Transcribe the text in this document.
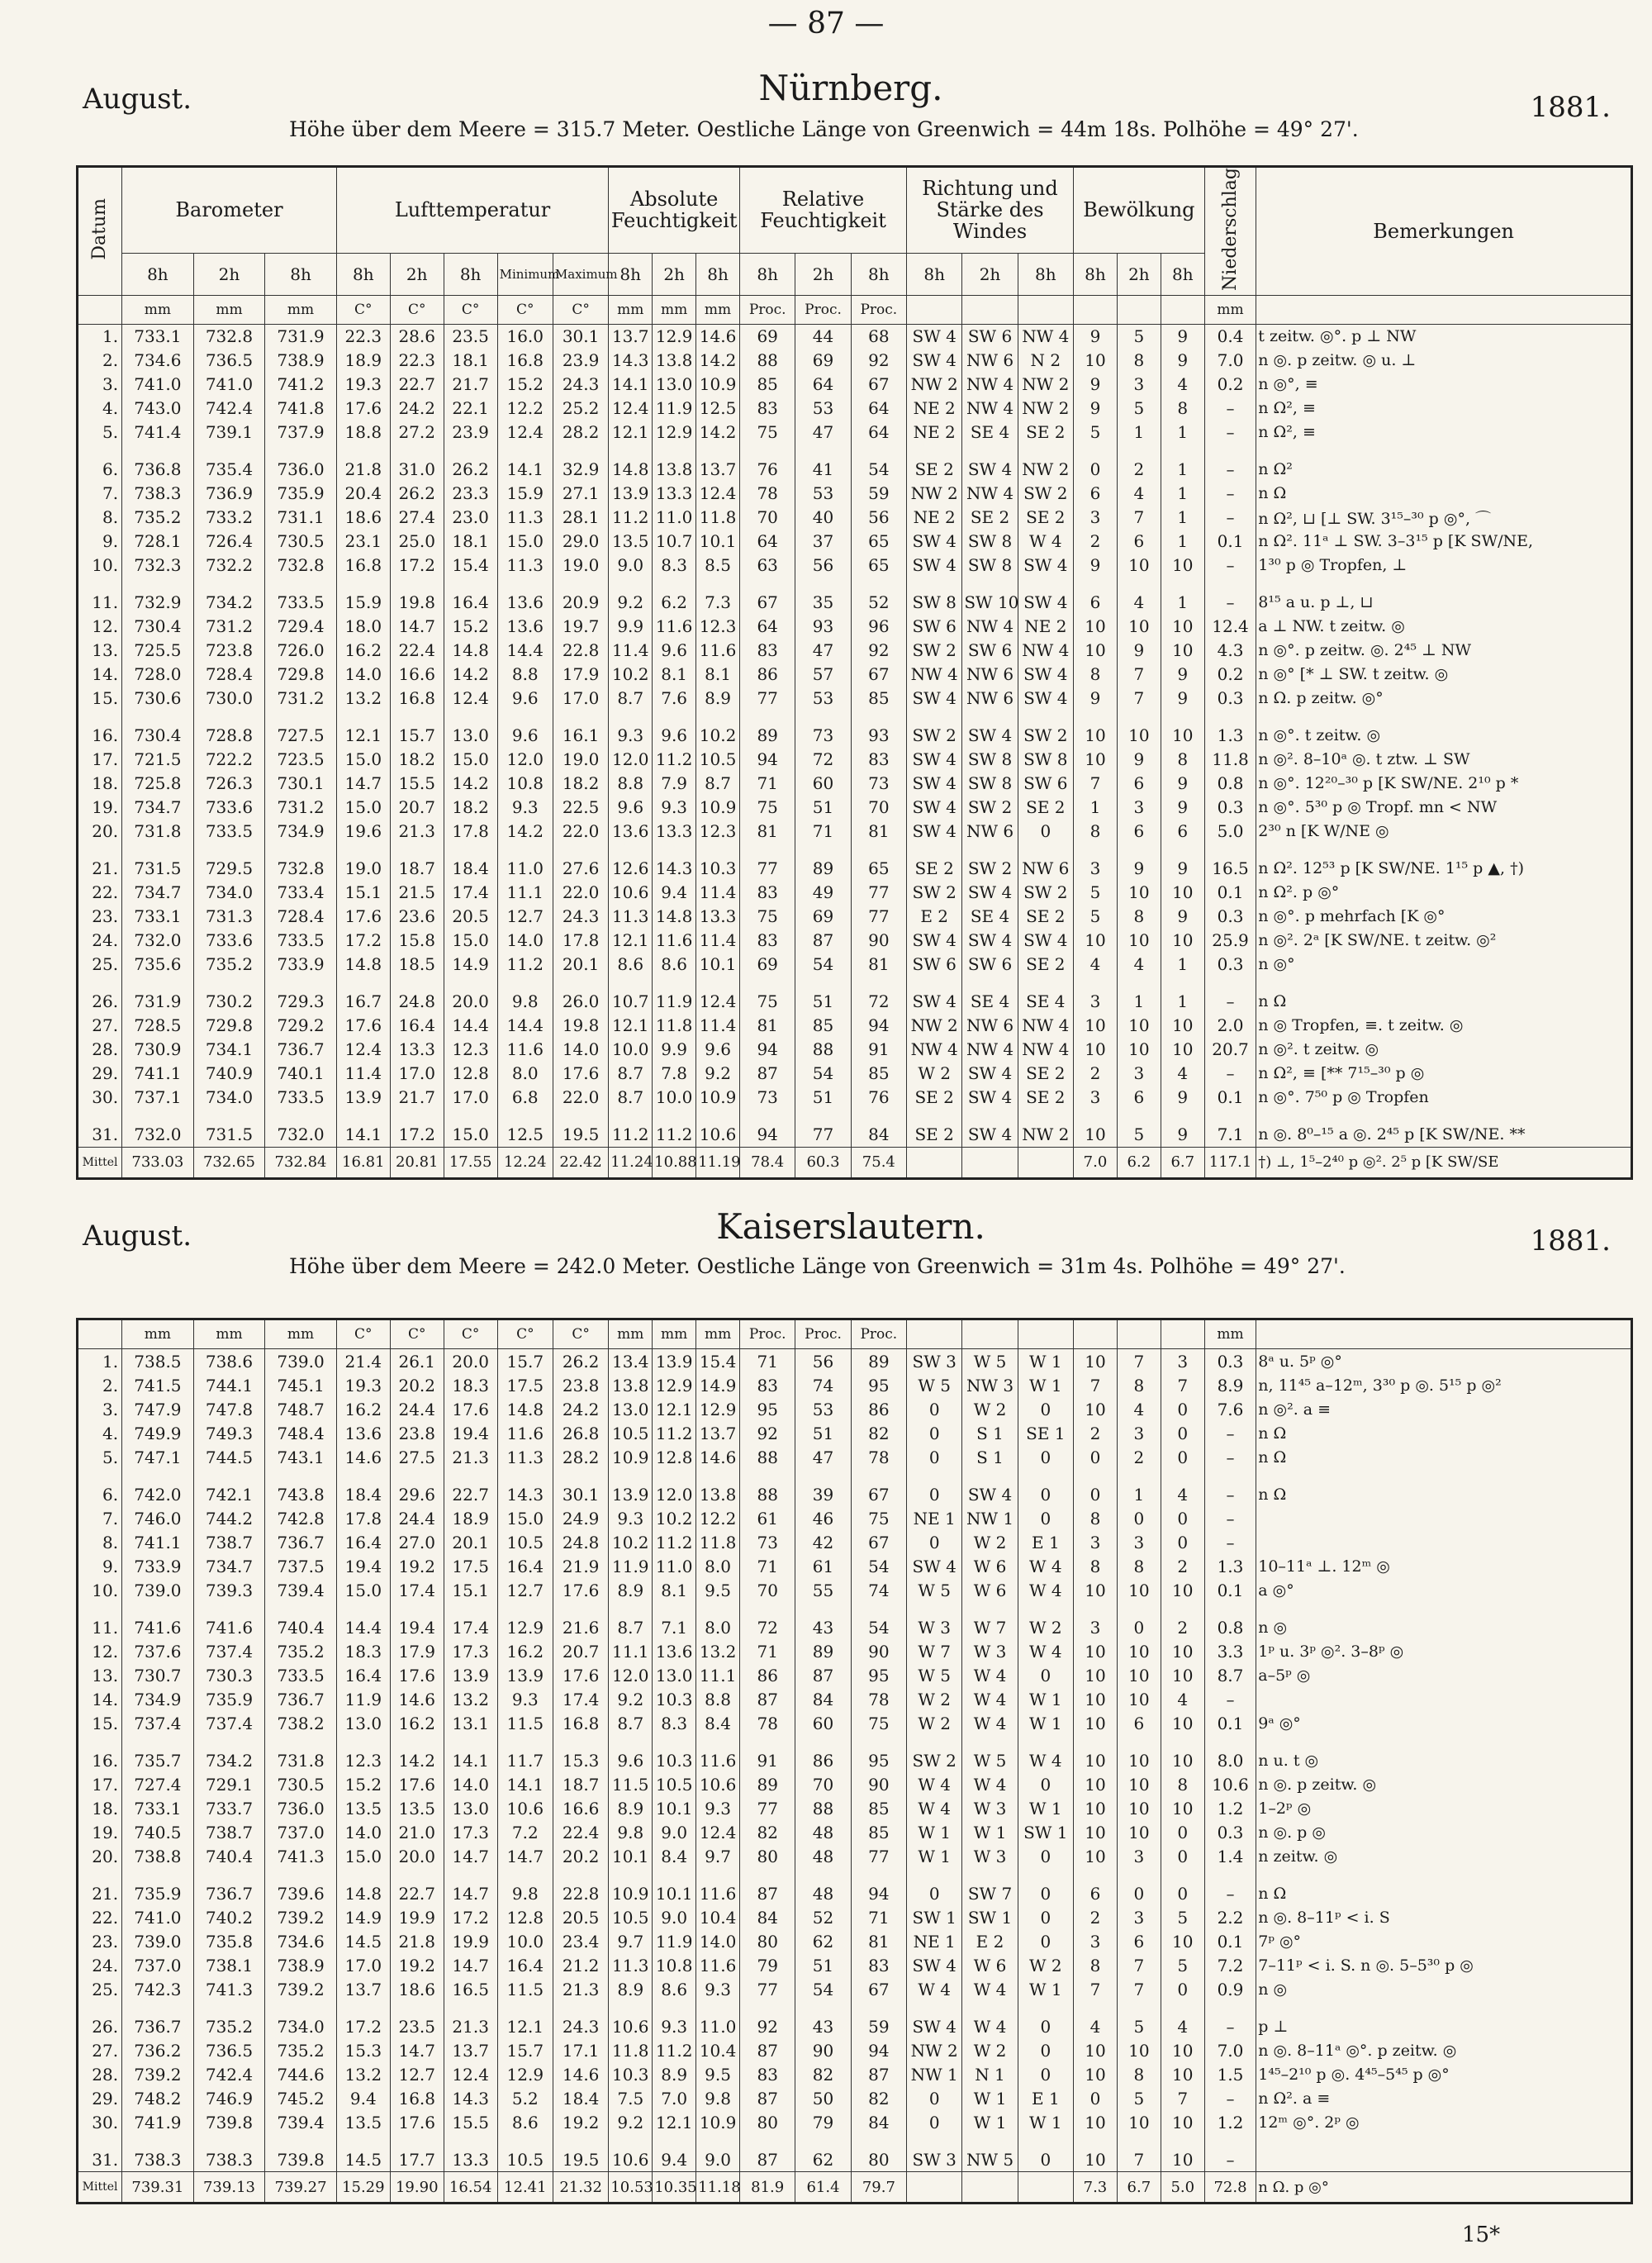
— 87 —
August.	Nürnberg.	1881.
Höhe über dem Meere = 315.7 Meter. Oestliche Länge von Greenwich = 44m 18s. Polhöhe = 49° 27'.
Datum	Barometer			Lufttemperatur					Absolute Feuchtigkeit			Relative Feuchtigkeit			Richtung und Stärke des Windes			Bewölkung			Niederschlag	Bemerkungen
	8h	2h	8h	8h	2h	8h	Minimum	Maximum	8h	2h	8h	8h	2h	8h	8h	2h	8h	8h	2h	8h		
	mm	mm	mm	C°	C°	C°	C°	C°	mm	mm	mm	Proc.	Proc.	Proc.							mm	
1.	733.1	732.8	731.9	22.3	28.6	23.5	16.0	30.1	13.7	12.9	14.6	69	44	68	SW 4	SW 6	NW 4	9	5	9	0.4	t zeitw. ◎°. p ⊥ NW
2.	734.6	736.5	738.9	18.9	22.3	18.1	16.8	23.9	14.3	13.8	14.2	88	69	92	SW 4	NW 6	N 2	10	8	9	7.0	n ◎. p zeitw. ◎ u. ⊥
3.	741.0	741.0	741.2	19.3	22.7	21.7	15.2	24.3	14.1	13.0	10.9	85	64	67	NW 2	NW 4	NW 2	9	3	4	0.2	n ◎°, ≡
4.	743.0	742.4	741.8	17.6	24.2	22.1	12.2	25.2	12.4	11.9	12.5	83	53	64	NE 2	NW 4	NW 2	9	5	8	–	n Ω², ≡
5.	741.4	739.1	737.9	18.8	27.2	23.9	12.4	28.2	12.1	12.9	14.2	75	47	64	NE 2	SE 4	SE 2	5	1	1	–	n Ω², ≡
6.	736.8	735.4	736.0	21.8	31.0	26.2	14.1	32.9	14.8	13.8	13.7	76	41	54	SE 2	SW 4	NW 2	0	2	1	–	n Ω²
7.	738.3	736.9	735.9	20.4	26.2	23.3	15.9	27.1	13.9	13.3	12.4	78	53	59	NW 2	NW 4	SW 2	6	4	1	–	n Ω
8.	735.2	733.2	731.1	18.6	27.4	23.0	11.3	28.1	11.2	11.0	11.8	70	40	56	NE 2	SE 2	SE 2	3	7	1	–	n Ω², ⊔ [⊥ SW. 3¹⁵–³⁰ p ◎°, ⌒
9.	728.1	726.4	730.5	23.1	25.0	18.1	15.0	29.0	13.5	10.7	10.1	64	37	65	SW 4	SW 8	W 4	2	6	1	0.1	n Ω². 11ᵃ ⊥ SW. 3–3¹⁵ p [K SW/NE,
10.	732.3	732.2	732.8	16.8	17.2	15.4	11.3	19.0	9.0	8.3	8.5	63	56	65	SW 4	SW 8	SW 4	9	10	10	–	1³⁰ p ◎ Tropfen, ⊥
11.	732.9	734.2	733.5	15.9	19.8	16.4	13.6	20.9	9.2	6.2	7.3	67	35	52	SW 8	SW 10	SW 4	6	4	1	–	8¹⁵ a u. p ⊥, ⊔
12.	730.4	731.2	729.4	18.0	14.7	15.2	13.6	19.7	9.9	11.6	12.3	64	93	96	SW 6	NW 4	NE 2	10	10	10	12.4	a ⊥ NW. t zeitw. ◎
13.	725.5	723.8	726.0	16.2	22.4	14.8	14.4	22.8	11.4	9.6	11.6	83	47	92	SW 2	SW 6	NW 4	10	9	10	4.3	n ◎°. p zeitw. ◎. 2⁴⁵ ⊥ NW
14.	728.0	728.4	729.8	14.0	16.6	14.2	8.8	17.9	10.2	8.1	8.1	86	57	67	NW 4	NW 6	SW 4	8	7	9	0.2	n ◎° [* ⊥ SW. t zeitw. ◎
15.	730.6	730.0	731.2	13.2	16.8	12.4	9.6	17.0	8.7	7.6	8.9	77	53	85	SW 4	NW 6	SW 4	9	7	9	0.3	n Ω. p zeitw. ◎°
16.	730.4	728.8	727.5	12.1	15.7	13.0	9.6	16.1	9.3	9.6	10.2	89	73	93	SW 2	SW 4	SW 2	10	10	10	1.3	n ◎°. t zeitw. ◎
17.	721.5	722.2	723.5	15.0	18.2	15.0	12.0	19.0	12.0	11.2	10.5	94	72	83	SW 4	SW 8	SW 8	10	9	8	11.8	n ◎². 8–10ᵃ ◎. t ztw. ⊥ SW
18.	725.8	726.3	730.1	14.7	15.5	14.2	10.8	18.2	8.8	7.9	8.7	71	60	73	SW 4	SW 8	SW 6	7	6	9	0.8	n ◎°. 12²⁰–³⁰ p [K SW/NE. 2¹⁰ p *
19.	734.7	733.6	731.2	15.0	20.7	18.2	9.3	22.5	9.6	9.3	10.9	75	51	70	SW 4	SW 2	SE 2	1	3	9	0.3	n ◎°. 5³⁰ p ◎ Tropf. mn < NW
20.	731.8	733.5	734.9	19.6	21.3	17.8	14.2	22.0	13.6	13.3	12.3	81	71	81	SW 4	NW 6	0	8	6	6	5.0	2³⁰ n [K W/NE ◎
21.	731.5	729.5	732.8	19.0	18.7	18.4	11.0	27.6	12.6	14.3	10.3	77	89	65	SE 2	SW 2	NW 6	3	9	9	16.5	n Ω². 12⁵³ p [K SW/NE. 1¹⁵ p ▲, †)
22.	734.7	734.0	733.4	15.1	21.5	17.4	11.1	22.0	10.6	9.4	11.4	83	49	77	SW 2	SW 4	SW 2	5	10	10	0.1	n Ω². p ◎°
23.	733.1	731.3	728.4	17.6	23.6	20.5	12.7	24.3	11.3	14.8	13.3	75	69	77	E 2	SE 4	SE 2	5	8	9	0.3	n ◎°. p mehrfach [K ◎°
24.	732.0	733.6	733.5	17.2	15.8	15.0	14.0	17.8	12.1	11.6	11.4	83	87	90	SW 4	SW 4	SW 4	10	10	10	25.9	n ◎². 2ᵃ [K SW/NE. t zeitw. ◎²
25.	735.6	735.2	733.9	14.8	18.5	14.9	11.2	20.1	8.6	8.6	10.1	69	54	81	SW 6	SW 6	SE 2	4	4	1	0.3	n ◎°
26.	731.9	730.2	729.3	16.7	24.8	20.0	9.8	26.0	10.7	11.9	12.4	75	51	72	SW 4	SE 4	SE 4	3	1	1	–	n Ω
27.	728.5	729.8	729.2	17.6	16.4	14.4	14.4	19.8	12.1	11.8	11.4	81	85	94	NW 2	NW 6	NW 4	10	10	10	2.0	n ◎ Tropfen, ≡. t zeitw. ◎
28.	730.9	734.1	736.7	12.4	13.3	12.3	11.6	14.0	10.0	9.9	9.6	94	88	91	NW 4	NW 4	NW 4	10	10	10	20.7	n ◎². t zeitw. ◎
29.	741.1	740.9	740.1	11.4	17.0	12.8	8.0	17.6	8.7	7.8	9.2	87	54	85	W 2	SW 4	SE 2	2	3	4	–	n Ω², ≡ [** 7¹⁵–³⁰ p ◎
30.	737.1	734.0	733.5	13.9	21.7	17.0	6.8	22.0	8.7	10.0	10.9	73	51	76	SE 2	SW 4	SE 2	3	6	9	0.1	n ◎°. 7⁵⁰ p ◎ Tropfen
31.	732.0	731.5	732.0	14.1	17.2	15.0	12.5	19.5	11.2	11.2	10.6	94	77	84	SE 2	SW 4	NW 2	10	5	9	7.1	n ◎. 8⁰–¹⁵ a ◎. 2⁴⁵ p [K SW/NE. **
Mittel	733.03	732.65	732.84	16.81	20.81	17.55	12.24	22.42	11.24	10.88	11.19	78.4	60.3	75.4				7.0	6.2	6.7	117.1	†) ⊥, 1⁵–2⁴⁰ p ◎². 2⁵ p [K SW/SE
August.	Kaiserslautern.	1881.
Höhe über dem Meere = 242.0 Meter. Oestliche Länge von Greenwich = 31m 4s. Polhöhe = 49° 27'.
	mm	mm	mm	C°	C°	C°	C°	C°	mm	mm	mm	Proc.	Proc.	Proc.							mm	
1.	738.5	738.6	739.0	21.4	26.1	20.0	15.7	26.2	13.4	13.9	15.4	71	56	89	SW 3	W 5	W 1	10	7	3	0.3	8ᵃ u. 5ᵖ ◎°
2.	741.5	744.1	745.1	19.3	20.2	18.3	17.5	23.8	13.8	12.9	14.9	83	74	95	W 5	NW 3	W 1	7	8	7	8.9	n, 11⁴⁵ a–12ᵐ, 3³⁰ p ◎. 5¹⁵ p ◎²
3.	747.9	747.8	748.7	16.2	24.4	17.6	14.8	24.2	13.0	12.1	12.9	95	53	86	0	W 2	0	10	4	0	7.6	n ◎². a ≡
4.	749.9	749.3	748.4	13.6	23.8	19.4	11.6	26.8	10.5	11.2	13.7	92	51	82	0	S 1	SE 1	2	3	0	–	n Ω
5.	747.1	744.5	743.1	14.6	27.5	21.3	11.3	28.2	10.9	12.8	14.6	88	47	78	0	S 1	0	0	2	0	–	n Ω
6.	742.0	742.1	743.8	18.4	29.6	22.7	14.3	30.1	13.9	12.0	13.8	88	39	67	0	SW 4	0	0	1	4	–	n Ω
7.	746.0	744.2	742.8	17.8	24.4	18.9	15.0	24.9	9.3	10.2	12.2	61	46	75	NE 1	NW 1	0	8	0	0	–	
8.	741.1	738.7	736.7	16.4	27.0	20.1	10.5	24.8	10.2	11.2	11.8	73	42	67	0	W 2	E 1	3	3	0	–	
9.	733.9	734.7	737.5	19.4	19.2	17.5	16.4	21.9	11.9	11.0	8.0	71	61	54	SW 4	W 6	W 4	8	8	2	1.3	10–11ᵃ ⊥. 12ᵐ ◎
10.	739.0	739.3	739.4	15.0	17.4	15.1	12.7	17.6	8.9	8.1	9.5	70	55	74	W 5	W 6	W 4	10	10	10	0.1	a ◎°
11.	741.6	741.6	740.4	14.4	19.4	17.4	12.9	21.6	8.7	7.1	8.0	72	43	54	W 3	W 7	W 2	3	0	2	0.8	n ◎
12.	737.6	737.4	735.2	18.3	17.9	17.3	16.2	20.7	11.1	13.6	13.2	71	89	90	W 7	W 3	W 4	10	10	10	3.3	1ᵖ u. 3ᵖ ◎². 3–8ᵖ ◎
13.	730.7	730.3	733.5	16.4	17.6	13.9	13.9	17.6	12.0	13.0	11.1	86	87	95	W 5	W 4	0	10	10	10	8.7	a–5ᵖ ◎
14.	734.9	735.9	736.7	11.9	14.6	13.2	9.3	17.4	9.2	10.3	8.8	87	84	78	W 2	W 4	W 1	10	10	4	–	
15.	737.4	737.4	738.2	13.0	16.2	13.1	11.5	16.8	8.7	8.3	8.4	78	60	75	W 2	W 4	W 1	10	6	10	0.1	9ᵃ ◎°
16.	735.7	734.2	731.8	12.3	14.2	14.1	11.7	15.3	9.6	10.3	11.6	91	86	95	SW 2	W 5	W 4	10	10	10	8.0	n u. t ◎
17.	727.4	729.1	730.5	15.2	17.6	14.0	14.1	18.7	11.5	10.5	10.6	89	70	90	W 4	W 4	0	10	10	8	10.6	n ◎. p zeitw. ◎
18.	733.1	733.7	736.0	13.5	13.5	13.0	10.6	16.6	8.9	10.1	9.3	77	88	85	W 4	W 3	W 1	10	10	10	1.2	1–2ᵖ ◎
19.	740.5	738.7	737.0	14.0	21.0	17.3	7.2	22.4	9.8	9.0	12.4	82	48	85	W 1	W 1	SW 1	10	10	0	0.3	n ◎. p ◎
20.	738.8	740.4	741.3	15.0	20.0	14.7	14.7	20.2	10.1	8.4	9.7	80	48	77	W 1	W 3	0	10	3	0	1.4	n zeitw. ◎
21.	735.9	736.7	739.6	14.8	22.7	14.7	9.8	22.8	10.9	10.1	11.6	87	48	94	0	SW 7	0	6	0	0	–	n Ω
22.	741.0	740.2	739.2	14.9	19.9	17.2	12.8	20.5	10.5	9.0	10.4	84	52	71	SW 1	SW 1	0	2	3	5	2.2	n ◎. 8–11ᵖ < i. S
23.	739.0	735.8	734.6	14.5	21.8	19.9	10.0	23.4	9.7	11.9	14.0	80	62	81	NE 1	E 2	0	3	6	10	0.1	7ᵖ ◎°
24.	737.0	738.1	738.9	17.0	19.2	14.7	16.4	21.2	11.3	10.8	11.6	79	51	83	SW 4	W 6	W 2	8	7	5	7.2	7–11ᵖ < i. S. n ◎. 5–5³⁰ p ◎
25.	742.3	741.3	739.2	13.7	18.6	16.5	11.5	21.3	8.9	8.6	9.3	77	54	67	W 4	W 4	W 1	7	7	0	0.9	n ◎
26.	736.7	735.2	734.0	17.2	23.5	21.3	12.1	24.3	10.6	9.3	11.0	92	43	59	SW 4	W 4	0	4	5	4	–	p ⊥
27.	736.2	736.5	735.2	15.3	14.7	13.7	15.7	17.1	11.8	11.2	10.4	87	90	94	NW 2	W 2	0	10	10	10	7.0	n ◎. 8–11ᵃ ◎°. p zeitw. ◎
28.	739.2	742.4	744.6	13.2	12.7	12.4	12.9	14.6	10.3	8.9	9.5	83	82	87	NW 1	N 1	0	10	8	10	1.5	1⁴⁵–2¹⁰ p ◎. 4⁴⁵–5⁴⁵ p ◎°
29.	748.2	746.9	745.2	9.4	16.8	14.3	5.2	18.4	7.5	7.0	9.8	87	50	82	0	W 1	E 1	0	5	7	–	n Ω². a ≡
30.	741.9	739.8	739.4	13.5	17.6	15.5	8.6	19.2	9.2	12.1	10.9	80	79	84	0	W 1	W 1	10	10	10	1.2	12ᵐ ◎°. 2ᵖ ◎
31.	738.3	738.3	739.8	14.5	17.7	13.3	10.5	19.5	10.6	9.4	9.0	87	62	80	SW 3	NW 5	0	10	7	10	–	
Mittel	739.31	739.13	739.27	15.29	19.90	16.54	12.41	21.32	10.53	10.35	11.18	81.9	61.4	79.7				7.3	6.7	5.0	72.8	n Ω. p ◎°
15*
